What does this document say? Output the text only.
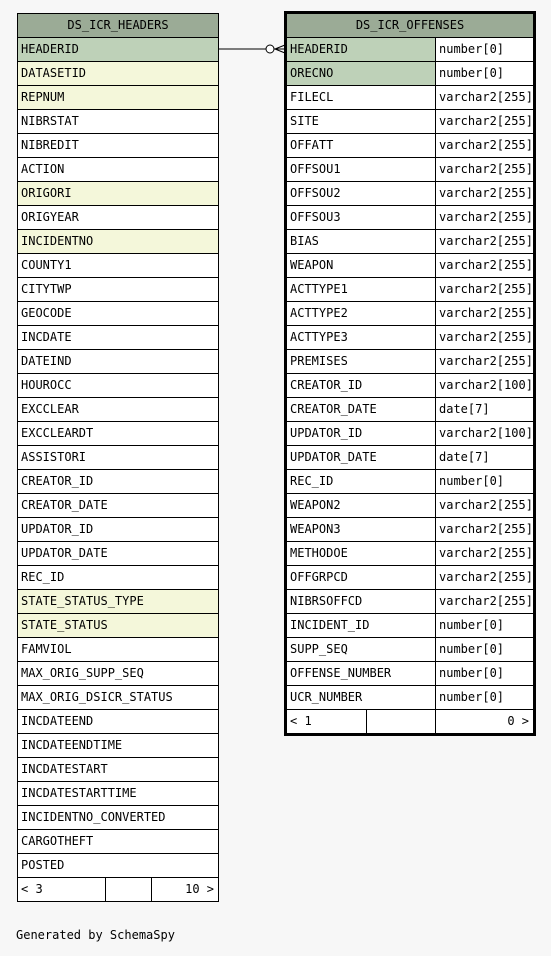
DS_ICR_HEADERS
HEADERID
DATASETID
REPNUM
NIBRSTAT
NIBREDIT
ACTION
ORIGORI
ORIGYEAR
INCIDENTNO
COUNTY1
CITYTWP
GEOCODE
INCDATE
DATEIND
HOUROCC
EXCCLEAR
EXCCLEARDT
ASSISTORI
CREATOR_ID
CREATOR_DATE
UPDATOR_ID
UPDATOR_DATE
REC_ID
STATE_STATUS_TYPE
STATE_STATUS
FAMVIOL
MAX_ORIG_SUPP_SEQ
MAX_ORIG_DSICR_STATUS
INCDATEEND
INCDATEENDTIME
INCDATESTART
INCDATESTARTTIME
INCIDENTNO_CONVERTED
CARGOTHEFT
POSTED
< 3		10 >
DS_ICR_OFFENSES		
HEADERID		number[0]
ORECNO		number[0]
FILECL		varchar2[255]
SITE		varchar2[255]
OFFATT		varchar2[255]
OFFSOU1		varchar2[255]
OFFSOU2		varchar2[255]
OFFSOU3		varchar2[255]
BIAS		varchar2[255]
WEAPON		varchar2[255]
ACTTYPE1		varchar2[255]
ACTTYPE2		varchar2[255]
ACTTYPE3		varchar2[255]
PREMISES		varchar2[255]
CREATOR_ID		varchar2[100]
CREATOR_DATE		date[7]
UPDATOR_ID		varchar2[100]
UPDATOR_DATE		date[7]
REC_ID		number[0]
WEAPON2		varchar2[255]
WEAPON3		varchar2[255]
METHODOE		varchar2[255]
OFFGRPCD		varchar2[255]
NIBRSOFFCD		varchar2[255]
INCIDENT_ID		number[0]
SUPP_SEQ		number[0]
OFFENSE_NUMBER		number[0]
UCR_NUMBER		number[0]
< 1		0 >
Generated by SchemaSpy
